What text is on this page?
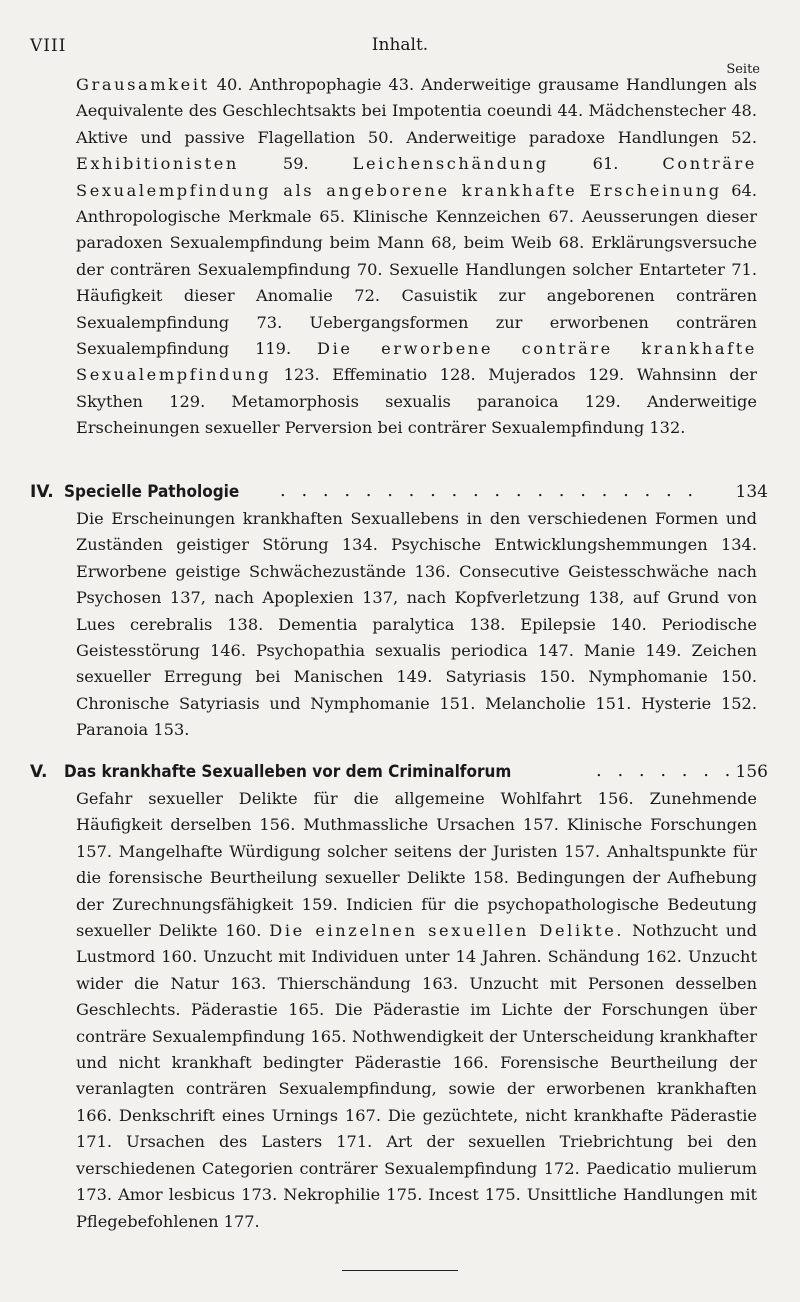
VIII	Inhalt.
Seite

Grausamkeit 40. Anthropophagie 43. Anderweitige grausame Handlungen als Aequivalente des Geschlechtsakts bei Impotentia coeundi 44. Mädchenstecher 48. Aktive und passive Flagellation 50. Anderweitige paradoxe Handlungen 52. Exhibitionisten 59. Leichenschändung 61. Conträre Sexualempfindung als angeborene krankhafte Erscheinung 64. Anthropologische Merkmale 65. Klinische Kennzeichen 67. Aeusserungen dieser paradoxen Sexualempfindung beim Mann 68, beim Weib 68. Erklärungsversuche der conträren Sexualempfindung 70. Sexuelle Handlungen solcher Entarteter 71. Häufigkeit dieser Anomalie 72. Casuistik zur angeborenen conträren Sexualempfindung 73. Uebergangsformen zur erworbenen conträren Sexualempfindung 119. Die erworbene conträre krankhafte Sexualempfindung 123. Effeminatio 128. Mujerados 129. Wahnsinn der Skythen 129. Metamorphosis sexualis paranoica 129. Anderweitige Erscheinungen sexueller Perversion bei conträrer Sexualempfindung 132.

IV. Specielle Pathologie . . . . . . . . . . . . . . . . . . . . 134

Die Erscheinungen krankhaften Sexuallebens in den verschiedenen Formen und Zuständen geistiger Störung 134. Psychische Entwicklungshemmungen 134. Erworbene geistige Schwächezustände 136. Consecutive Geistesschwäche nach Psychosen 137, nach Apoplexien 137, nach Kopfverletzung 138, auf Grund von Lues cerebralis 138. Dementia paralytica 138. Epilepsie 140. Periodische Geistesstörung 146. Psychopathia sexualis periodica 147. Manie 149. Zeichen sexueller Erregung bei Manischen 149. Satyriasis 150. Nymphomanie 150. Chronische Satyriasis und Nymphomanie 151. Melancholie 151. Hysterie 152. Paranoia 153.

V. Das krankhafte Sexualleben vor dem Criminalforum	. . . . . . . 156

Gefahr sexueller Delikte für die allgemeine Wohlfahrt 156. Zunehmende Häufigkeit derselben 156. Muthmassliche Ursachen 157. Klinische Forschungen 157. Mangelhafte Würdigung solcher seitens der Juristen 157. Anhaltspunkte für die forensische Beurtheilung sexueller Delikte 158. Bedingungen der Aufhebung der Zurechnungsfähigkeit 159. Indicien für die psychopathologische Bedeutung sexueller Delikte 160. Die einzelnen sexuellen Delikte. Nothzucht und Lustmord 160. Unzucht mit Individuen unter 14 Jahren. Schändung 162. Unzucht wider die Natur 163. Thierschändung 163. Unzucht mit Personen desselben Geschlechts. Päderastie 165. Die Päderastie im Lichte der Forschungen über conträre Sexualempfindung 165. Nothwendigkeit der Unterscheidung krankhafter und nicht krankhaft bedingter Päderastie 166. Forensische Beurtheilung der veranlagten conträren Sexualempfindung, sowie der erworbenen krankhaften 166. Denkschrift eines Urnings 167. Die gezüchtete, nicht krankhafte Päderastie 171. Ursachen des Lasters 171. Art der sexuellen Triebrichtung bei den verschiedenen Categorien conträrer Sexualempfindung 172. Paedicatio mulierum 173. Amor lesbicus 173. Nekrophilie 175. Incest 175. Unsittliche Handlungen mit Pflegebefohlenen 177.
